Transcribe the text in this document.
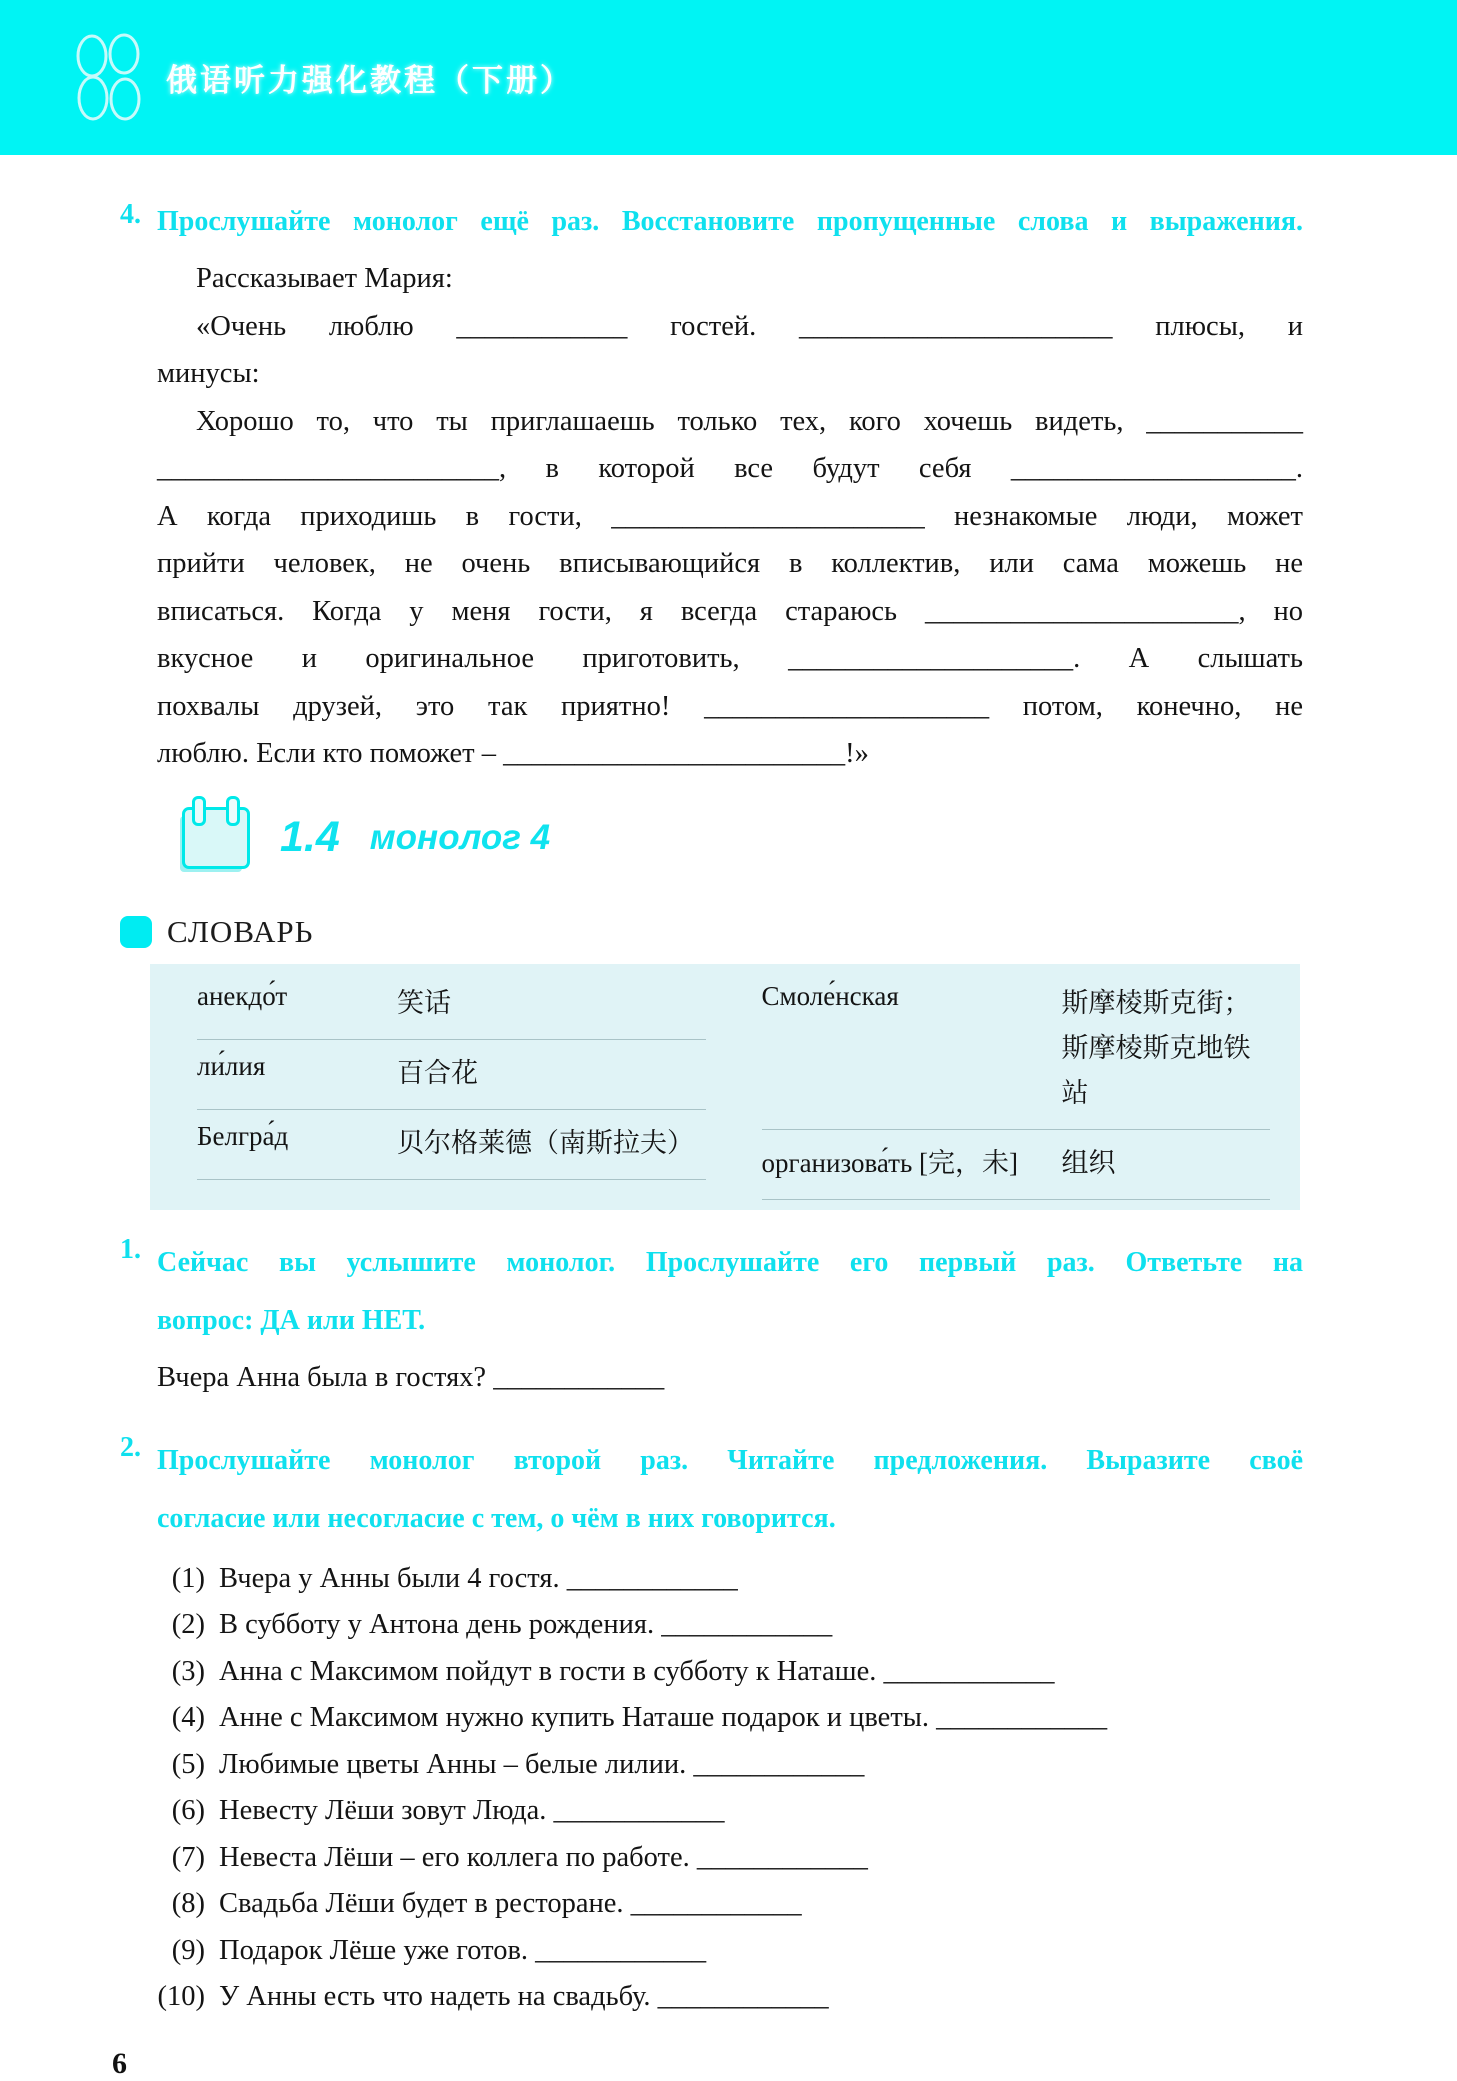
俄语听力强化教程（下册）
4. Прослушайте монолог ещё раз. Восстановите пропущенные слова и выражения.
Рассказывает Мария:
«Очень люблю ____________ гостей. ______________________ плюсы, и
минусы:
Хорошо то, что ты приглашаешь только тех, кого хочешь видеть, ___________
________________________, в которой все будут себя ____________________.
А когда приходишь в гости, ______________________ незнакомые люди, может
прийти человек, не очень вписывающийся в коллектив, или сама можешь не
вписаться. Когда у меня гости, я всегда стараюсь ______________________, но
вкусное и оригинальное приготовить, ____________________. А слышать
похвалы друзей, это так приятно! ____________________ потом, конечно, не
люблю. Если кто поможет – ________________________!»
1.4 монолог 4
СЛОВАРЬ
анекдо́т	笑话
ли́лия	百合花
Белгра́д	贝尔格莱德（南斯拉夫）
Смоле́нская	斯摩棱斯克街；斯摩棱斯克地铁站
организова́ть [完，未]	组织
1. Сейчас вы услышите монолог. Прослушайте его первый раз. Ответьте на
вопрос: ДА или НЕТ.
Вчера Анна была в гостях? ____________
2. Прослушайте монолог второй раз. Читайте предложения. Выразите своё
согласие или несогласие с тем, о чём в них говорится.
(1) Вчера у Анны были 4 гостя. ____________
(2) В субботу у Антона день рождения. ____________
(3) Анна с Максимом пойдут в гости в субботу к Наташе. ____________
(4) Анне с Максимом нужно купить Наташе подарок и цветы. ____________
(5) Любимые цветы Анны – белые лилии. ____________
(6) Невесту Лёши зовут Люда. ____________
(7) Невеста Лёши – его коллега по работе. ____________
(8) Свадьба Лёши будет в ресторане. ____________
(9) Подарок Лёше уже готов. ____________
(10) У Анны есть что надеть на свадьбу. ____________
6
